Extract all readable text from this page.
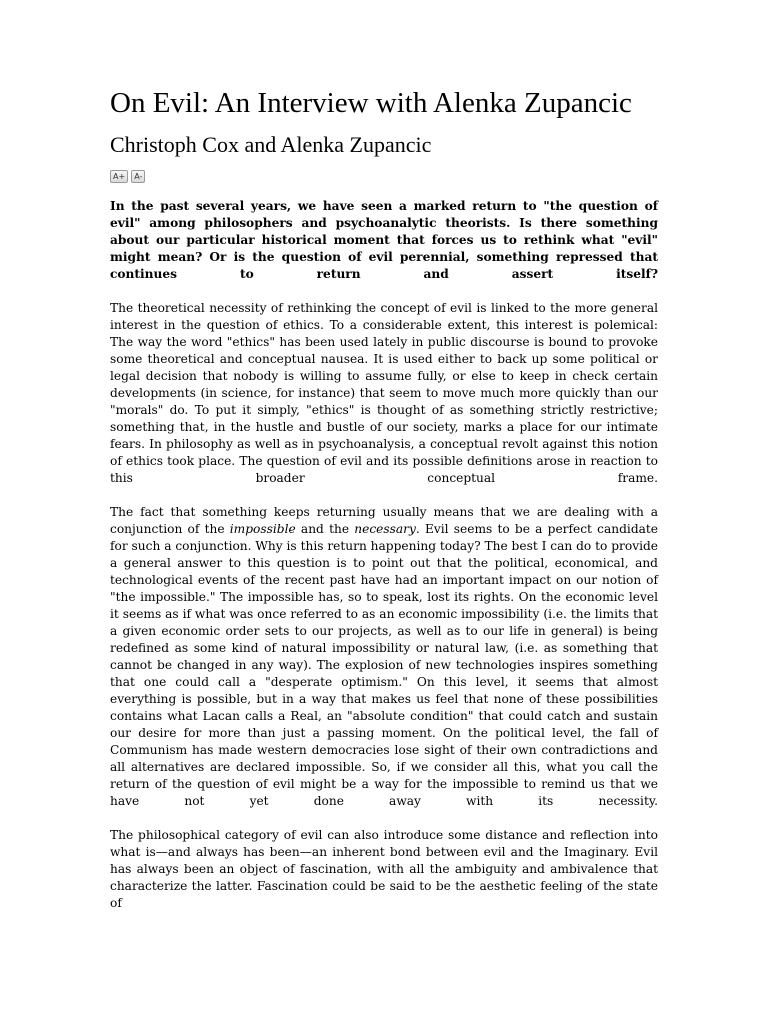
On Evil: An Interview with Alenka Zupancic
Christoph Cox and Alenka Zupancic
A+	A-

In the past several years, we have seen a marked return to "the question of evil" among philosophers and psychoanalytic theorists. Is there something about our particular historical moment that forces us to rethink what "evil" might mean? Or is the question of evil perennial, something repressed that continues to return and assert itself?

The theoretical necessity of rethinking the concept of evil is linked to the more general interest in the question of ethics. To a considerable extent, this interest is polemical: The way the word "ethics" has been used lately in public discourse is bound to provoke some theoretical and conceptual nausea. It is used either to back up some political or legal decision that nobody is willing to assume fully, or else to keep in check certain developments (in science, for instance) that seem to move much more quickly than our "morals" do. To put it simply, "ethics" is thought of as something strictly restrictive; something that, in the hustle and bustle of our society, marks a place for our intimate fears. In philosophy as well as in psychoanalysis, a conceptual revolt against this notion of ethics took place. The question of evil and its possible definitions arose in reaction to this broader conceptual frame.

The fact that something keeps returning usually means that we are dealing with a conjunction of the impossible and the necessary. Evil seems to be a perfect candidate for such a conjunction. Why is this return happening today? The best I can do to provide a general answer to this question is to point out that the political, economical, and technological events of the recent past have had an important impact on our notion of "the impossible." The impossible has, so to speak, lost its rights. On the economic level it seems as if what was once referred to as an economic impossibility (i.e. the limits that a given economic order sets to our projects, as well as to our life in general) is being redefined as some kind of natural impossibility or natural law, (i.e. as something that cannot be changed in any way). The explosion of new technologies inspires something that one could call a "desperate optimism." On this level, it seems that almost everything is possible, but in a way that makes us feel that none of these possibilities contains what Lacan calls a Real, an "absolute condition" that could catch and sustain our desire for more than just a passing moment. On the political level, the fall of Communism has made western democracies lose sight of their own contradictions and all alternatives are declared impossible. So, if we consider all this, what you call the return of the question of evil might be a way for the impossible to remind us that we have not yet done away with its necessity.

The philosophical category of evil can also introduce some distance and reflection into what is—and always has been—an inherent bond between evil and the Imaginary. Evil has always been an object of fascination, with all the ambiguity and ambivalence that characterize the latter. Fascination could be said to be the aesthetic feeling of the state of
